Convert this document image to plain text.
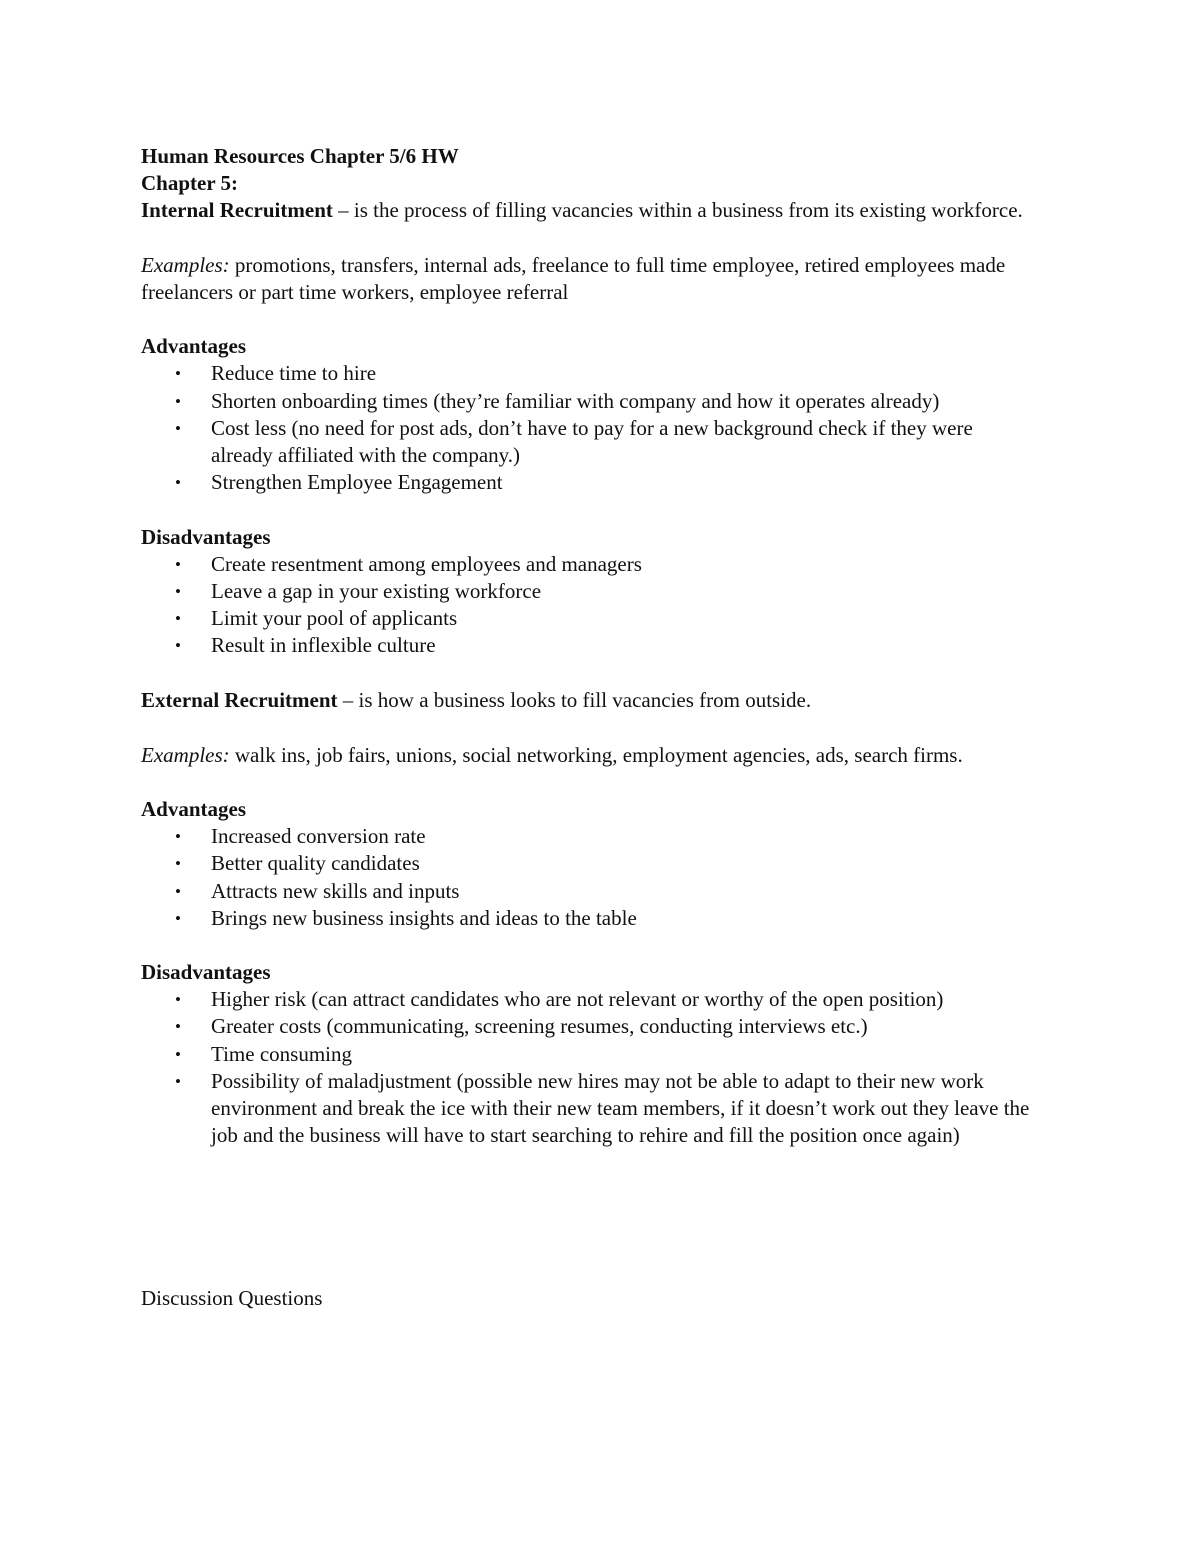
Human Resources Chapter 5/6 HW
Chapter 5:
Internal Recruitment – is the process of filling vacancies within a business from its existing workforce.
Examples: promotions, transfers, internal ads, freelance to full time employee, retired employees made freelancers or part time workers, employee referral
Advantages
• Reduce time to hire
• Shorten onboarding times (they’re familiar with company and how it operates already)
• Cost less (no need for post ads, don’t have to pay for a new background check if they were already affiliated with the company.)
• Strengthen Employee Engagement
Disadvantages
• Create resentment among employees and managers
• Leave a gap in your existing workforce
• Limit your pool of applicants
• Result in inflexible culture
External Recruitment – is how a business looks to fill vacancies from outside.
Examples: walk ins, job fairs, unions, social networking, employment agencies, ads, search firms.
Advantages
• Increased conversion rate
• Better quality candidates
• Attracts new skills and inputs
• Brings new business insights and ideas to the table
Disadvantages
• Higher risk (can attract candidates who are not relevant or worthy of the open position)
• Greater costs (communicating, screening resumes, conducting interviews etc.)
• Time consuming
• Possibility of maladjustment (possible new hires may not be able to adapt to their new work environment and break the ice with their new team members, if it doesn’t work out they leave the job and the business will have to start searching to rehire and fill the position once again)
Discussion Questions
